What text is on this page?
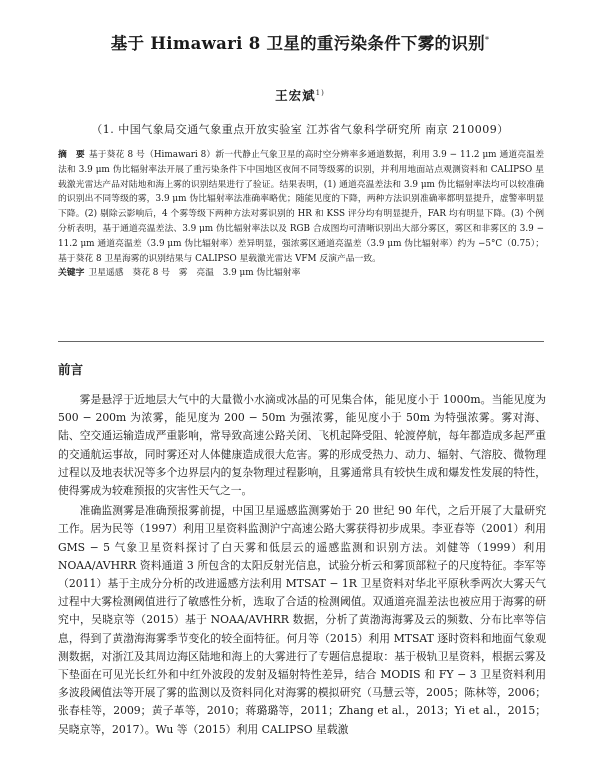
基于 Himawari 8 卫星的重污染条件下雾的识别*
王宏斌$^{1)}$
（1. 中国气象局交通气象重点开放实验室 江苏省气象科学研究所 南京 210009）
摘　要 基于葵花 8 号（Himawari 8）新一代静止气象卫星的高时空分辨率多通道数据，利用 3.9 − 11.2 μm 通道亮温差法和 3.9 μm 伪比辐射率法开展了重污染条件下中国地区夜间不同等级雾的识别，并利用地面站点观测资料和 CALIPSO 星载激光雷达产品对陆地和海上雾的识别结果进行了验证。结果表明，(1) 通道亮温差法和 3.9 μm 伪比辐射率法均可以较准确的识别出不同等级的雾，3.9 μm 伪比辐射率法准确率略优；随能见度的下降，两种方法识别准确率都明显提升，虚警率明显下降。(2) 剔除云影响后，4 个雾等级下两种方法对雾识别的 HR 和 KSS 评分均有明显提升，FAR 均有明显下降。(3) 个例分析表明，基于通道亮温差法、3.9 μm 伪比辐射率法以及 RGB 合成图均可清晰识别出大部分雾区，雾区和非雾区的 3.9 − 11.2 μm 通道亮温差（3.9 μm 伪比辐射率）差异明显，强浓雾区通道亮温差（3.9 μm 伪比辐射率）约为 −5°C（0.75）；基于葵花 8 卫星海雾的识别结果与 CALIPSO 星载激光雷达 VFM 反演产品一致。
关键字 卫星遥感　葵花 8 号　雾　亮温　3.9 μm 伪比辐射率
前言

雾是悬浮于近地层大气中的大量微小水滴或冰晶的可见集合体，能见度小于 1000m。当能见度为 500 − 200m 为浓雾，能见度为 200 − 50m 为强浓雾，能见度小于 50m 为特强浓雾。雾对海、陆、空交通运输造成严重影响，常导致高速公路关闭、飞机起降受阻、轮渡停航，每年都造成多起严重的交通航运事故，同时雾还对人体健康造成很大危害。雾的形成受热力、动力、辐射、气溶胶、微物理过程以及地表状况等多个边界层内的复杂物理过程影响，且雾通常具有较快生成和爆发性发展的特性，使得雾成为较难预报的灾害性天气之一。

准确监测雾是准确预报雾前提，中国卫星遥感监测雾始于 20 世纪 90 年代，之后开展了大量研究工作。居为民等（1997）利用卫星资料监测沪宁高速公路大雾获得初步成果。李亚春等（2001）利用 GMS − 5 气象卫星资料探讨了白天雾和低层云的遥感监测和识别方法。刘健等（1999）利用 NOAA/AVHRR 资料通道 3 所包含的太阳反射光信息，试验分析云和雾顶部粒子的尺度特征。李军等（2011）基于主成分分析的改进遥感方法利用 MTSAT − 1R 卫星资料对华北平原秋季两次大雾天气过程中大雾检测阈值进行了敏感性分析，选取了合适的检测阈值。双通道亮温差法也被应用于海雾的研究中，吴晓京等（2015）基于 NOAA/AVHRR 数据，分析了黄渤海海雾及云的频数、分布比率等信息，得到了黄渤海海雾季节变化的较全面特征。何月等（2015）利用 MTSAT 逐时资料和地面气象观测数据，对浙江及其周边海区陆地和海上的大雾进行了专题信息提取：基于极轨卫星资料，根据云雾及下垫面在可见光长红外和中红外波段的发射及辐射特性差异，结合 MODIS 和 FY − 3 卫星资料利用多波段阈值法等开展了雾的监测以及资料同化对海雾的模拟研究（马慧云等，2005；陈林等，2006；张春桂等，2009；黄子革等，2010；蒋璐璐等，2011；Zhang et al.，2013；Yi et al.，2015；吴晓京等，2017）。Wu 等（2015）利用 CALIPSO 星载激
